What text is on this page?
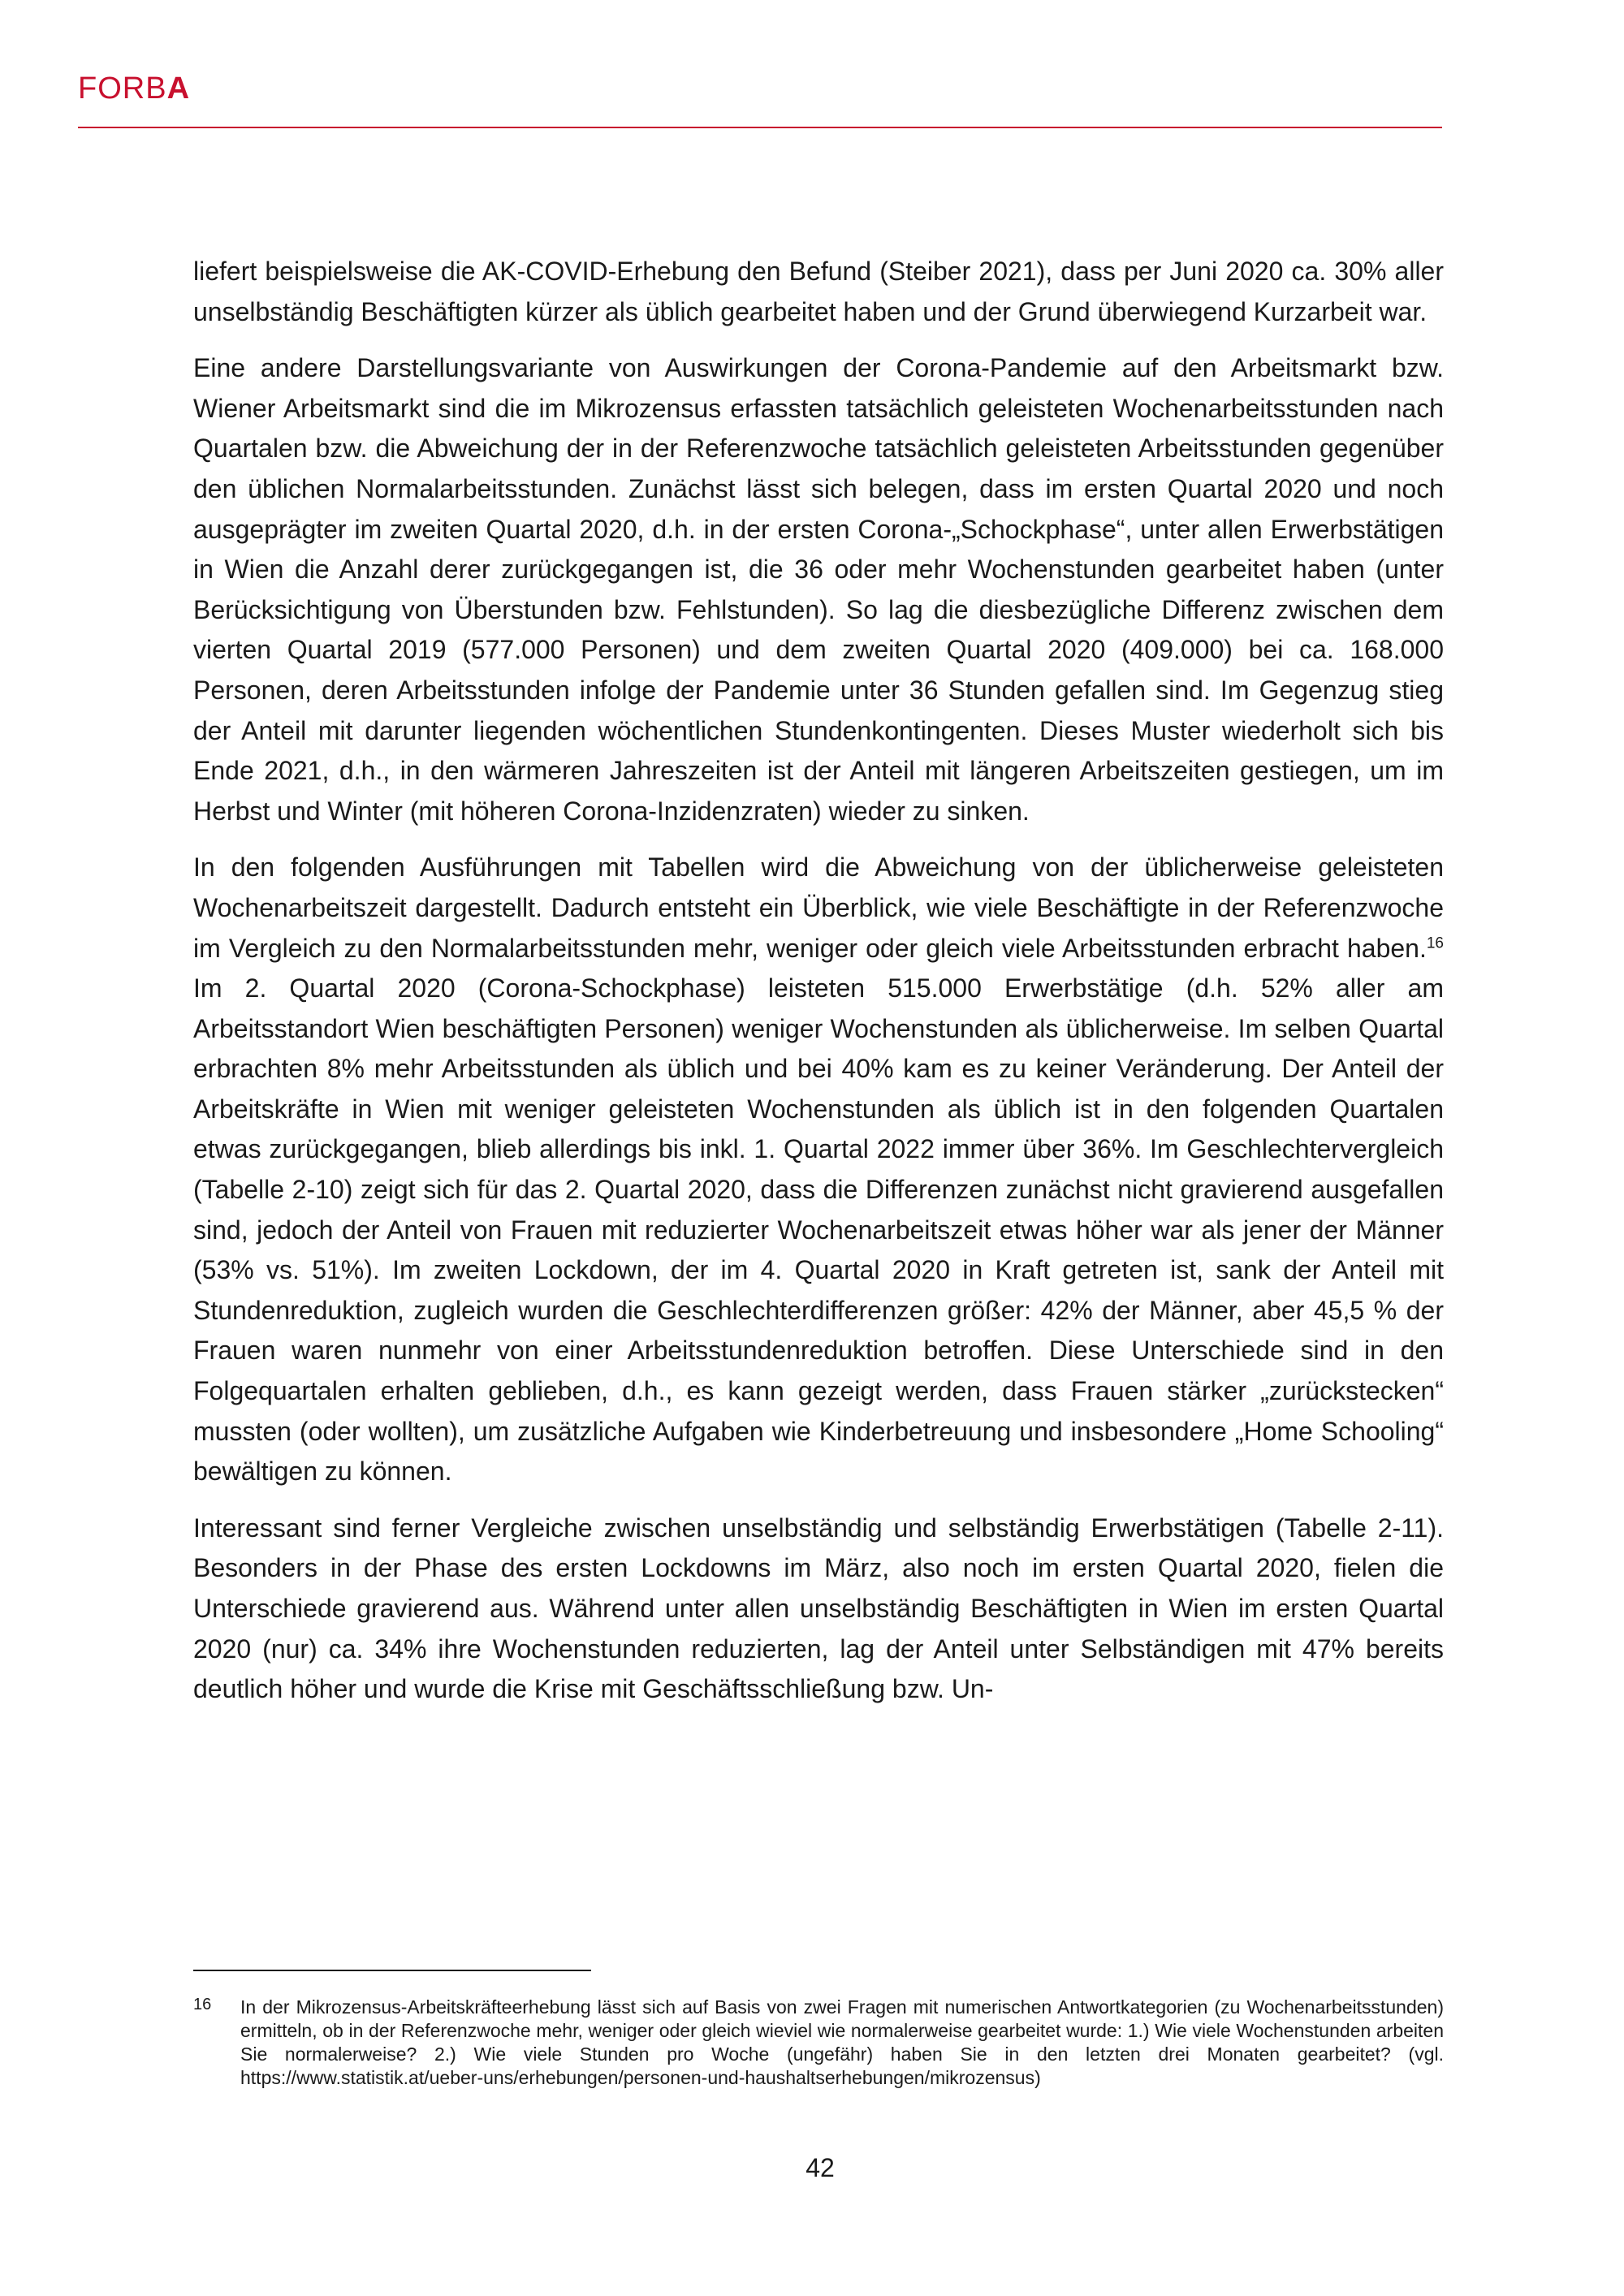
FORBA

liefert beispielsweise die AK-COVID-Erhebung den Befund (Steiber 2021), dass per Juni 2020 ca. 30% aller unselbständig Beschäftigten kürzer als üblich gearbeitet haben und der Grund überwiegend Kurzarbeit war.

Eine andere Darstellungsvariante von Auswirkungen der Corona-Pandemie auf den Arbeitsmarkt bzw. Wiener Arbeitsmarkt sind die im Mikrozensus erfassten tatsächlich geleisteten Wochenarbeitsstunden nach Quartalen bzw. die Abweichung der in der Referenzwoche tatsächlich geleisteten Arbeitsstunden gegenüber den üblichen Normalarbeitsstunden. Zunächst lässt sich belegen, dass im ersten Quartal 2020 und noch ausgeprägter im zweiten Quartal 2020, d.h. in der ersten Corona-„Schockphase“, unter allen Erwerbstätigen in Wien die Anzahl derer zurückgegangen ist, die 36 oder mehr Wochenstunden gearbeitet haben (unter Berücksichtigung von Überstunden bzw. Fehlstunden). So lag die diesbezügliche Differenz zwischen dem vierten Quartal 2019 (577.000 Personen) und dem zweiten Quartal 2020 (409.000) bei ca. 168.000 Personen, deren Arbeitsstunden infolge der Pandemie unter 36 Stunden gefallen sind. Im Gegenzug stieg der Anteil mit darunter liegenden wöchentlichen Stundenkontingenten. Dieses Muster wiederholt sich bis Ende 2021, d.h., in den wärmeren Jahreszeiten ist der Anteil mit längeren Arbeitszeiten gestiegen, um im Herbst und Winter (mit höheren Corona-Inzidenzraten) wieder zu sinken.

In den folgenden Ausführungen mit Tabellen wird die Abweichung von der üblicherweise geleisteten Wochenarbeitszeit dargestellt. Dadurch entsteht ein Überblick, wie viele Beschäftigte in der Referenzwoche im Vergleich zu den Normalarbeitsstunden mehr, weniger oder gleich viele Arbeitsstunden erbracht haben.$^{16}$ Im 2. Quartal 2020 (Corona-Schockphase) leisteten 515.000 Erwerbstätige (d.h. 52% aller am Arbeitsstandort Wien beschäftigten Personen) weniger Wochenstunden als üblicherweise. Im selben Quartal erbrachten 8% mehr Arbeitsstunden als üblich und bei 40% kam es zu keiner Veränderung. Der Anteil der Arbeitskräfte in Wien mit weniger geleisteten Wochenstunden als üblich ist in den folgenden Quartalen etwas zurückgegangen, blieb allerdings bis inkl. 1. Quartal 2022 immer über 36%. Im Geschlechtervergleich (Tabelle 2-10) zeigt sich für das 2. Quartal 2020, dass die Differenzen zunächst nicht gravierend ausgefallen sind, jedoch der Anteil von Frauen mit reduzierter Wochenarbeitszeit etwas höher war als jener der Männer (53% vs. 51%). Im zweiten Lockdown, der im 4. Quartal 2020 in Kraft getreten ist, sank der Anteil mit Stundenreduktion, zugleich wurden die Geschlechterdifferenzen größer: 42% der Männer, aber 45,5 % der Frauen waren nunmehr von einer Arbeitsstundenreduktion betroffen. Diese Unterschiede sind in den Folgequartalen erhalten geblieben, d.h., es kann gezeigt werden, dass Frauen stärker „zurückstecken“ mussten (oder wollten), um zusätzliche Aufgaben wie Kinderbetreuung und insbesondere „Home Schooling“ bewältigen zu können.

Interessant sind ferner Vergleiche zwischen unselbständig und selbständig Erwerbstätigen (Tabelle 2-11). Besonders in der Phase des ersten Lockdowns im März, also noch im ersten Quartal 2020, fielen die Unterschiede gravierend aus. Während unter allen unselbständig Beschäftigten in Wien im ersten Quartal 2020 (nur) ca. 34% ihre Wochenstunden reduzierten, lag der Anteil unter Selbständigen mit 47% bereits deutlich höher und wurde die Krise mit Geschäftsschließung bzw. Un-

16 In der Mikrozensus-Arbeitskräfteerhebung lässt sich auf Basis von zwei Fragen mit numerischen Antwortkategorien (zu Wochenarbeitsstunden) ermitteln, ob in der Referenzwoche mehr, weniger oder gleich wieviel wie normalerweise gearbeitet wurde: 1.) Wie viele Wochenstunden arbeiten Sie normalerweise? 2.) Wie viele Stunden pro Woche (ungefähr) haben Sie in den letzten drei Monaten gearbeitet? (vgl. https://www.statistik.at/ueber-uns/erhebungen/personen-und-haushaltserhebungen/mikrozensus)
42
